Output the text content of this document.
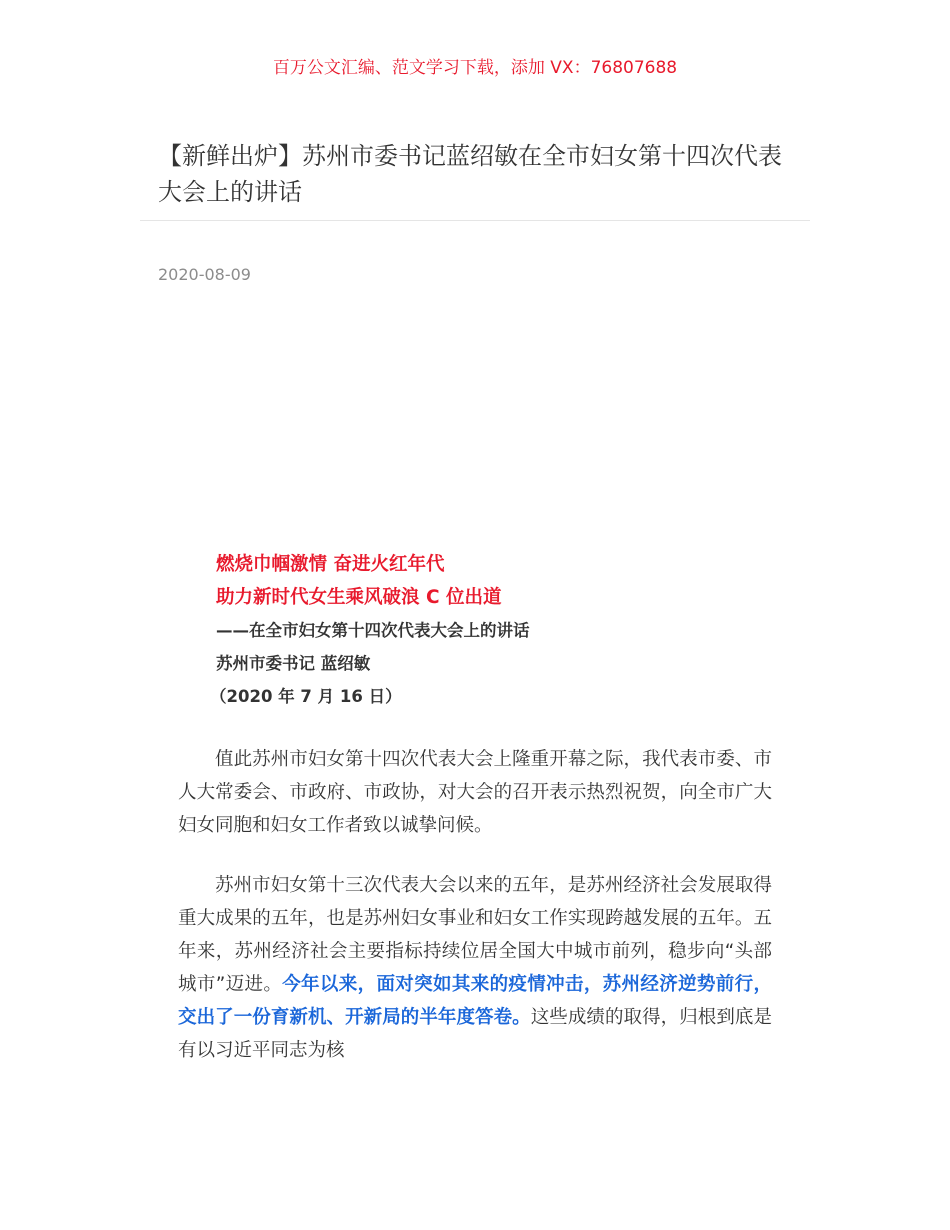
百万公文汇编、范文学习下载，添加 VX：76807688
【新鲜出炉】苏州市委书记蓝绍敏在全市妇女第十四次代表大会上的讲话
2020-08-09
燃烧巾帼激情 奋进火红年代
助力新时代女生乘风破浪 C 位出道
——在全市妇女第十四次代表大会上的讲话
苏州市委书记 蓝绍敏
（2020 年 7 月 16 日）

值此苏州市妇女第十四次代表大会上隆重开幕之际，我代表市委、市人大常委会、市政府、市政协，对大会的召开表示热烈祝贺，向全市广大妇女同胞和妇女工作者致以诚挚问候。

苏州市妇女第十三次代表大会以来的五年，是苏州经济社会发展取得重大成果的五年，也是苏州妇女事业和妇女工作实现跨越发展的五年。五年来，苏州经济社会主要指标持续位居全国大中城市前列，稳步向“头部城市”迈进。今年以来，面对突如其来的疫情冲击，苏州经济逆势前行，交出了一份育新机、开新局的半年度答卷。这些成绩的取得，归根到底是有以习近平同志为核
